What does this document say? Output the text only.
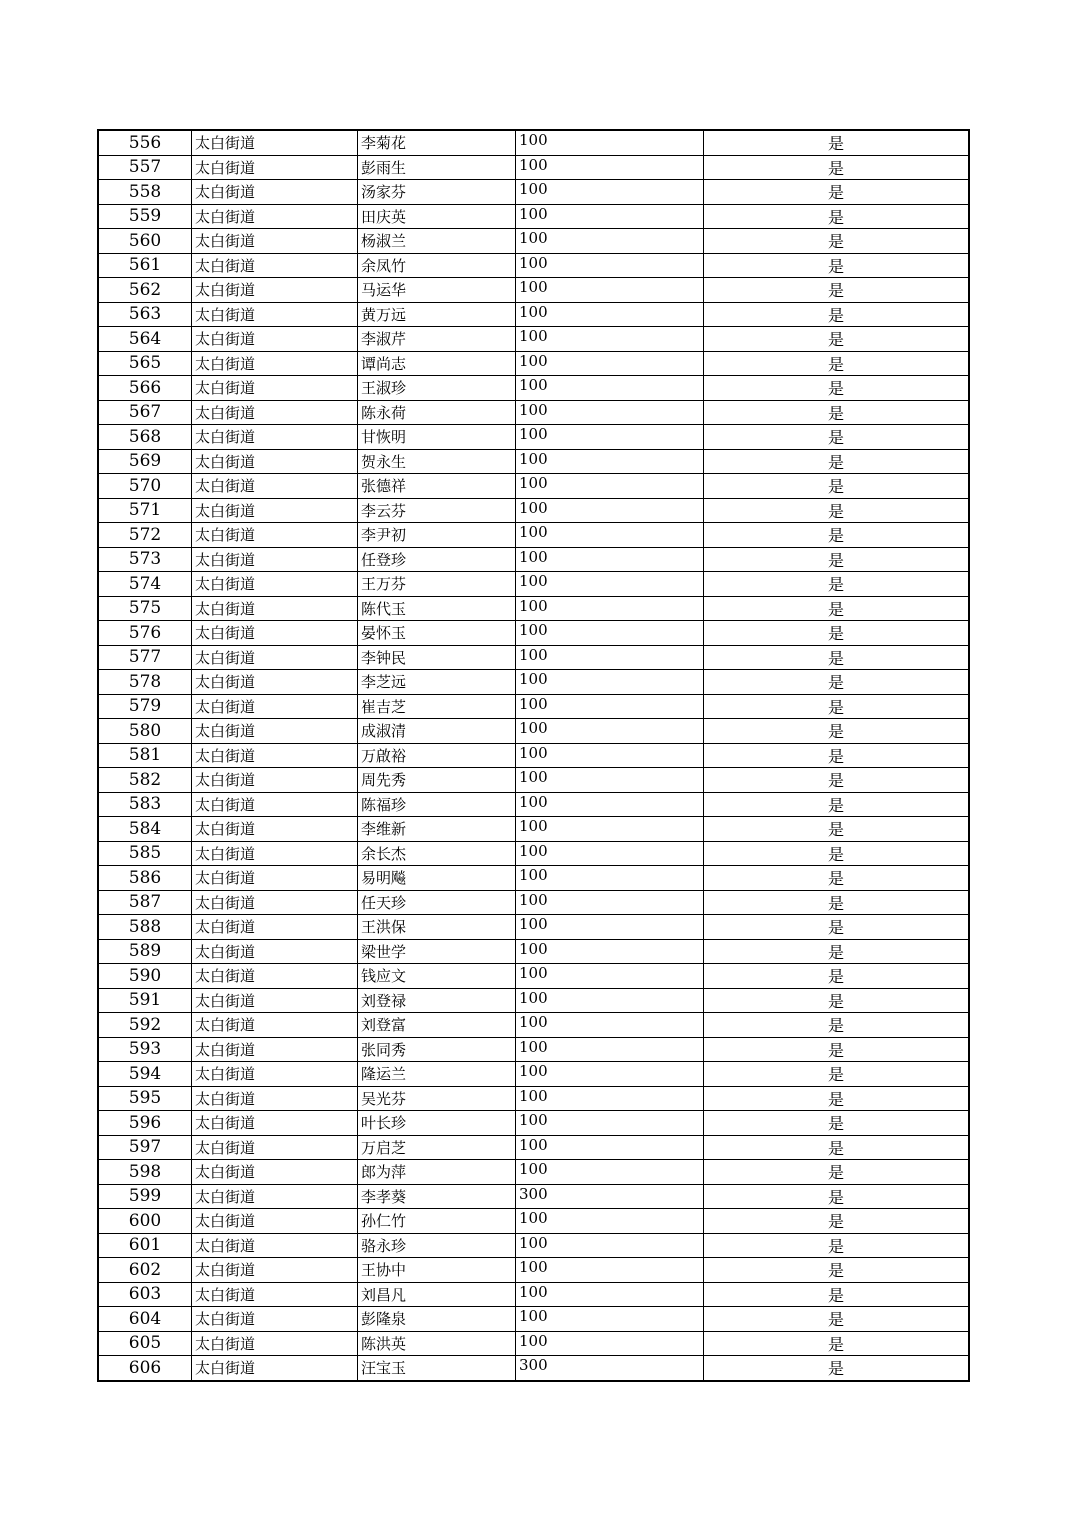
556	太白街道	李菊花	100	是
557	太白街道	彭雨生	100	是
558	太白街道	汤家芬	100	是
559	太白街道	田庆英	100	是
560	太白街道	杨淑兰	100	是
561	太白街道	余凤竹	100	是
562	太白街道	马运华	100	是
563	太白街道	黄万远	100	是
564	太白街道	李淑芹	100	是
565	太白街道	谭尚志	100	是
566	太白街道	王淑珍	100	是
567	太白街道	陈永荷	100	是
568	太白街道	甘恢明	100	是
569	太白街道	贺永生	100	是
570	太白街道	张德祥	100	是
571	太白街道	李云芬	100	是
572	太白街道	李尹初	100	是
573	太白街道	任登珍	100	是
574	太白街道	王万芬	100	是
575	太白街道	陈代玉	100	是
576	太白街道	晏怀玉	100	是
577	太白街道	李钟民	100	是
578	太白街道	李芝远	100	是
579	太白街道	崔吉芝	100	是
580	太白街道	成淑清	100	是
581	太白街道	万啟裕	100	是
582	太白街道	周先秀	100	是
583	太白街道	陈福珍	100	是
584	太白街道	李维新	100	是
585	太白街道	余长杰	100	是
586	太白街道	易明飚	100	是
587	太白街道	任天珍	100	是
588	太白街道	王洪保	100	是
589	太白街道	梁世学	100	是
590	太白街道	钱应文	100	是
591	太白街道	刘登禄	100	是
592	太白街道	刘登富	100	是
593	太白街道	张同秀	100	是
594	太白街道	隆运兰	100	是
595	太白街道	吴光芬	100	是
596	太白街道	叶长珍	100	是
597	太白街道	万启芝	100	是
598	太白街道	郎为萍	100	是
599	太白街道	李孝葵	300	是
600	太白街道	孙仁竹	100	是
601	太白街道	骆永珍	100	是
602	太白街道	王协中	100	是
603	太白街道	刘昌凡	100	是
604	太白街道	彭隆泉	100	是
605	太白街道	陈洪英	100	是
606	太白街道	汪宝玉	300	是
